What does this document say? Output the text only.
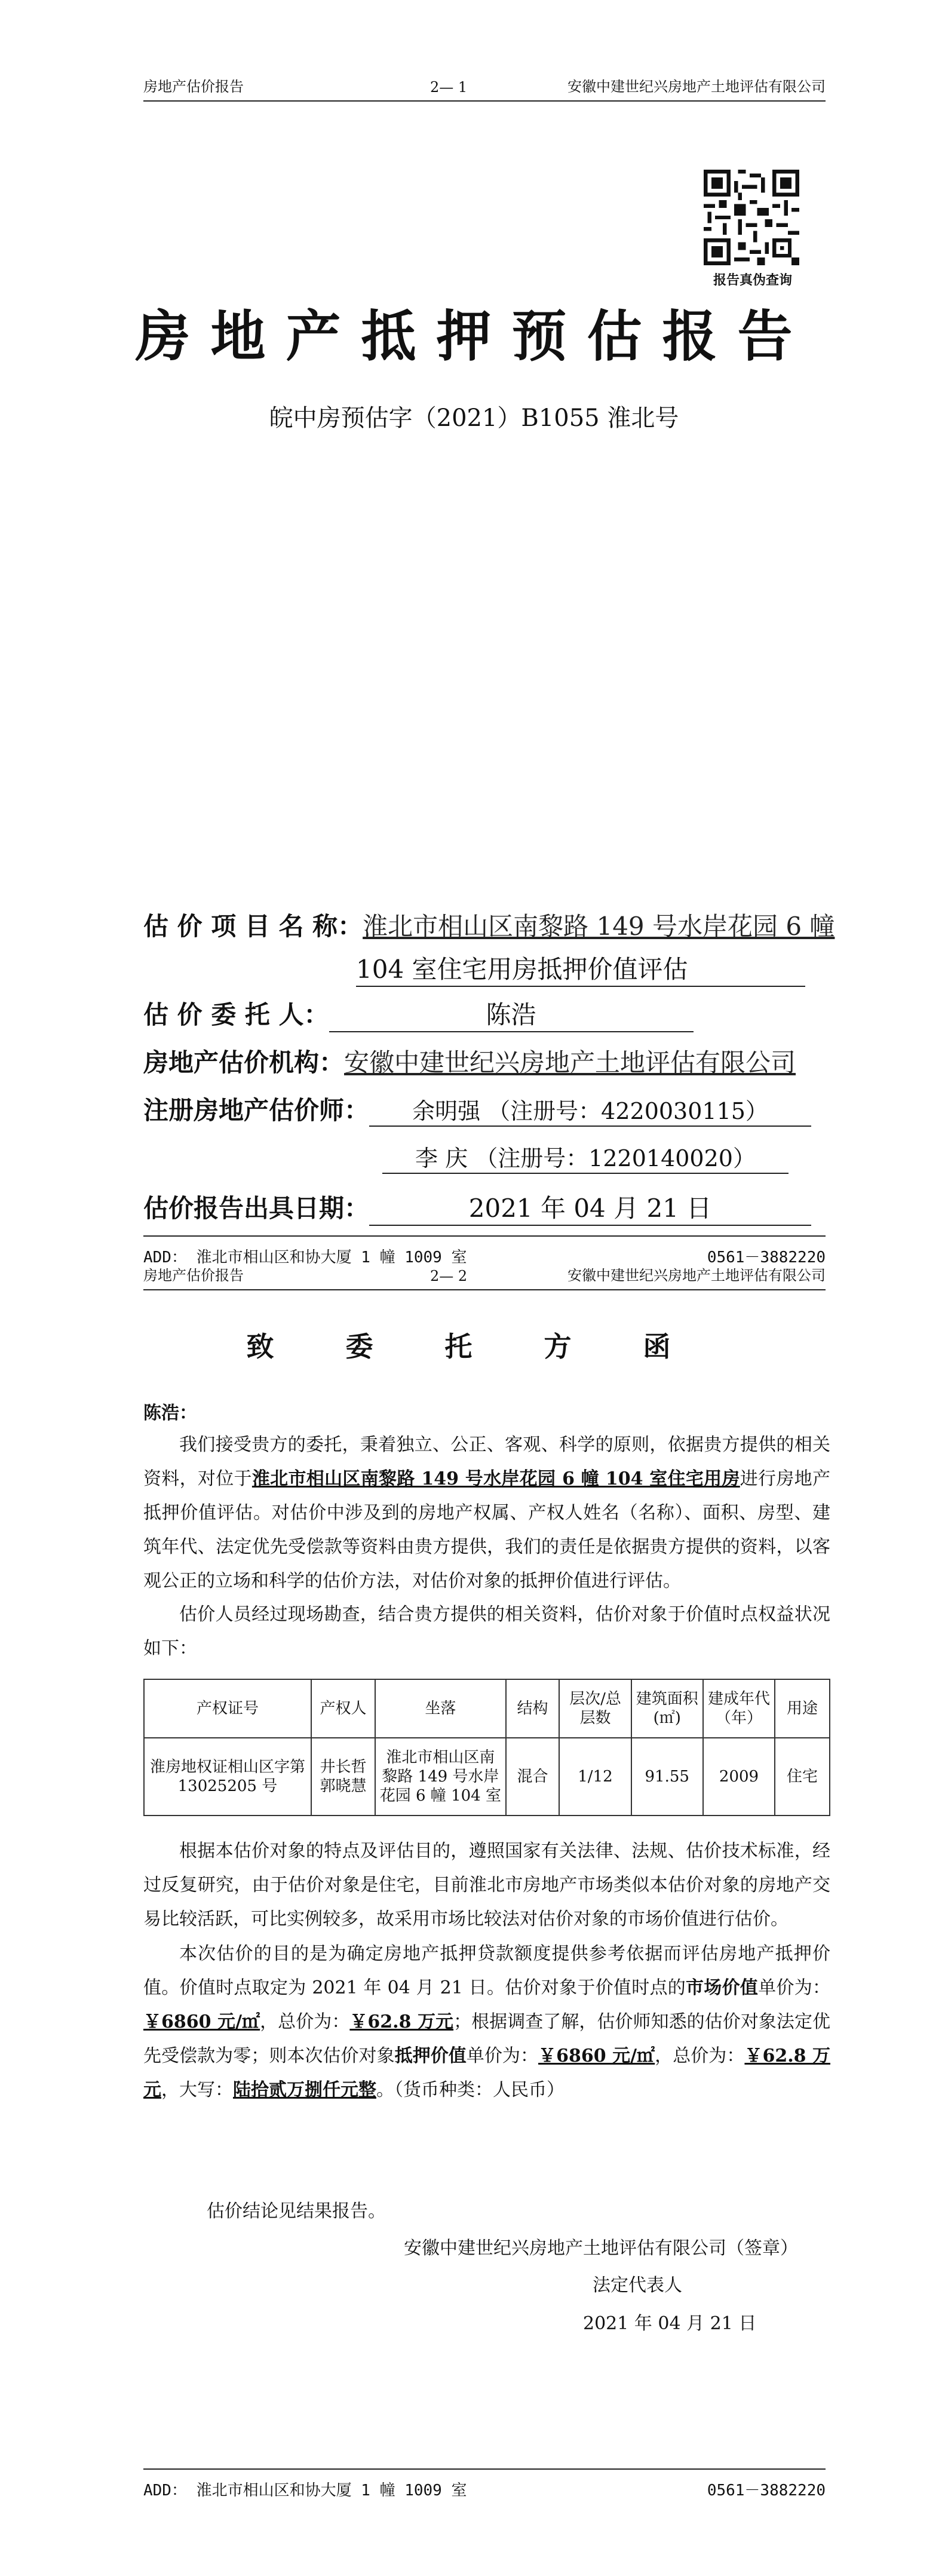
房地产估价报告	2— 1	安徽中建世纪兴房地产土地评估有限公司
报告真伪查询
房地产抵押预估报告
皖中房预估字（2021）B1055 淮北号
估 价 项 目 名 称：淮北市相山区南黎路 149 号水岸花园 6 幢
104 室住宅用房抵押价值评估
估 价 委 托 人：	陈浩
房地产估价机构：安徽中建世纪兴房地产土地评估有限公司
注册房地产估价师： 余明强 （注册号：4220030115）
李 庆 （注册号：1220140020）
估价报告出具日期：	2021 年 04 月 21 日
ADD： 淮北市相山区和协大厦 1 幢 1009 室	0561－3882220
房地产估价报告	2— 2	安徽中建世纪兴房地产土地评估有限公司
致 委 托 方 函
陈浩：
我们接受贵方的委托，秉着独立、公正、客观、科学的原则，依据贵方提供的相关资料，对位于淮北市相山区南黎路 149 号水岸花园 6 幢 104 室住宅用房进行房地产抵押价值评估。对估价中涉及到的房地产权属、产权人姓名（名称）、面积、房型、建筑年代、法定优先受偿款等资料由贵方提供，我们的责任是依据贵方提供的资料，以客观公正的立场和科学的估价方法，对估价对象的抵押价值进行评估。
估价人员经过现场勘查，结合贵方提供的相关资料，估价对象于价值时点权益状况如下：
产权证号	产权人	坐落	结构	层次/总层数	建筑面积(㎡)	建成年代（年）	用途
淮房地权证相山区字第 13025205 号	井长哲 郭晓慧	淮北市相山区南黎路 149 号水岸花园 6 幢 104 室	混合	1/12	91.55	2009	住宅
根据本估价对象的特点及评估目的，遵照国家有关法律、法规、估价技术标准，经过反复研究，由于估价对象是住宅，目前淮北市房地产市场类似本估价对象的房地产交易比较活跃，可比实例较多，故采用市场比较法对估价对象的市场价值进行估价。
本次估价的目的是为确定房地产抵押贷款额度提供参考依据而评估房地产抵押价值。价值时点取定为 2021 年 04 月 21 日。估价对象于价值时点的市场价值单价为：￥6860 元/㎡，总价为：￥62.8 万元；根据调查了解，估价师知悉的估价对象法定优先受偿款为零；则本次估价对象抵押价值单价为：￥6860 元/㎡，总价为：￥62.8 万元，大写：陆拾贰万捌仟元整。（货币种类：人民币）
估价结论见结果报告。
安徽中建世纪兴房地产土地评估有限公司（签章）
法定代表人
2021 年 04 月 21 日
ADD： 淮北市相山区和协大厦 1 幢 1009 室	0561－3882220
